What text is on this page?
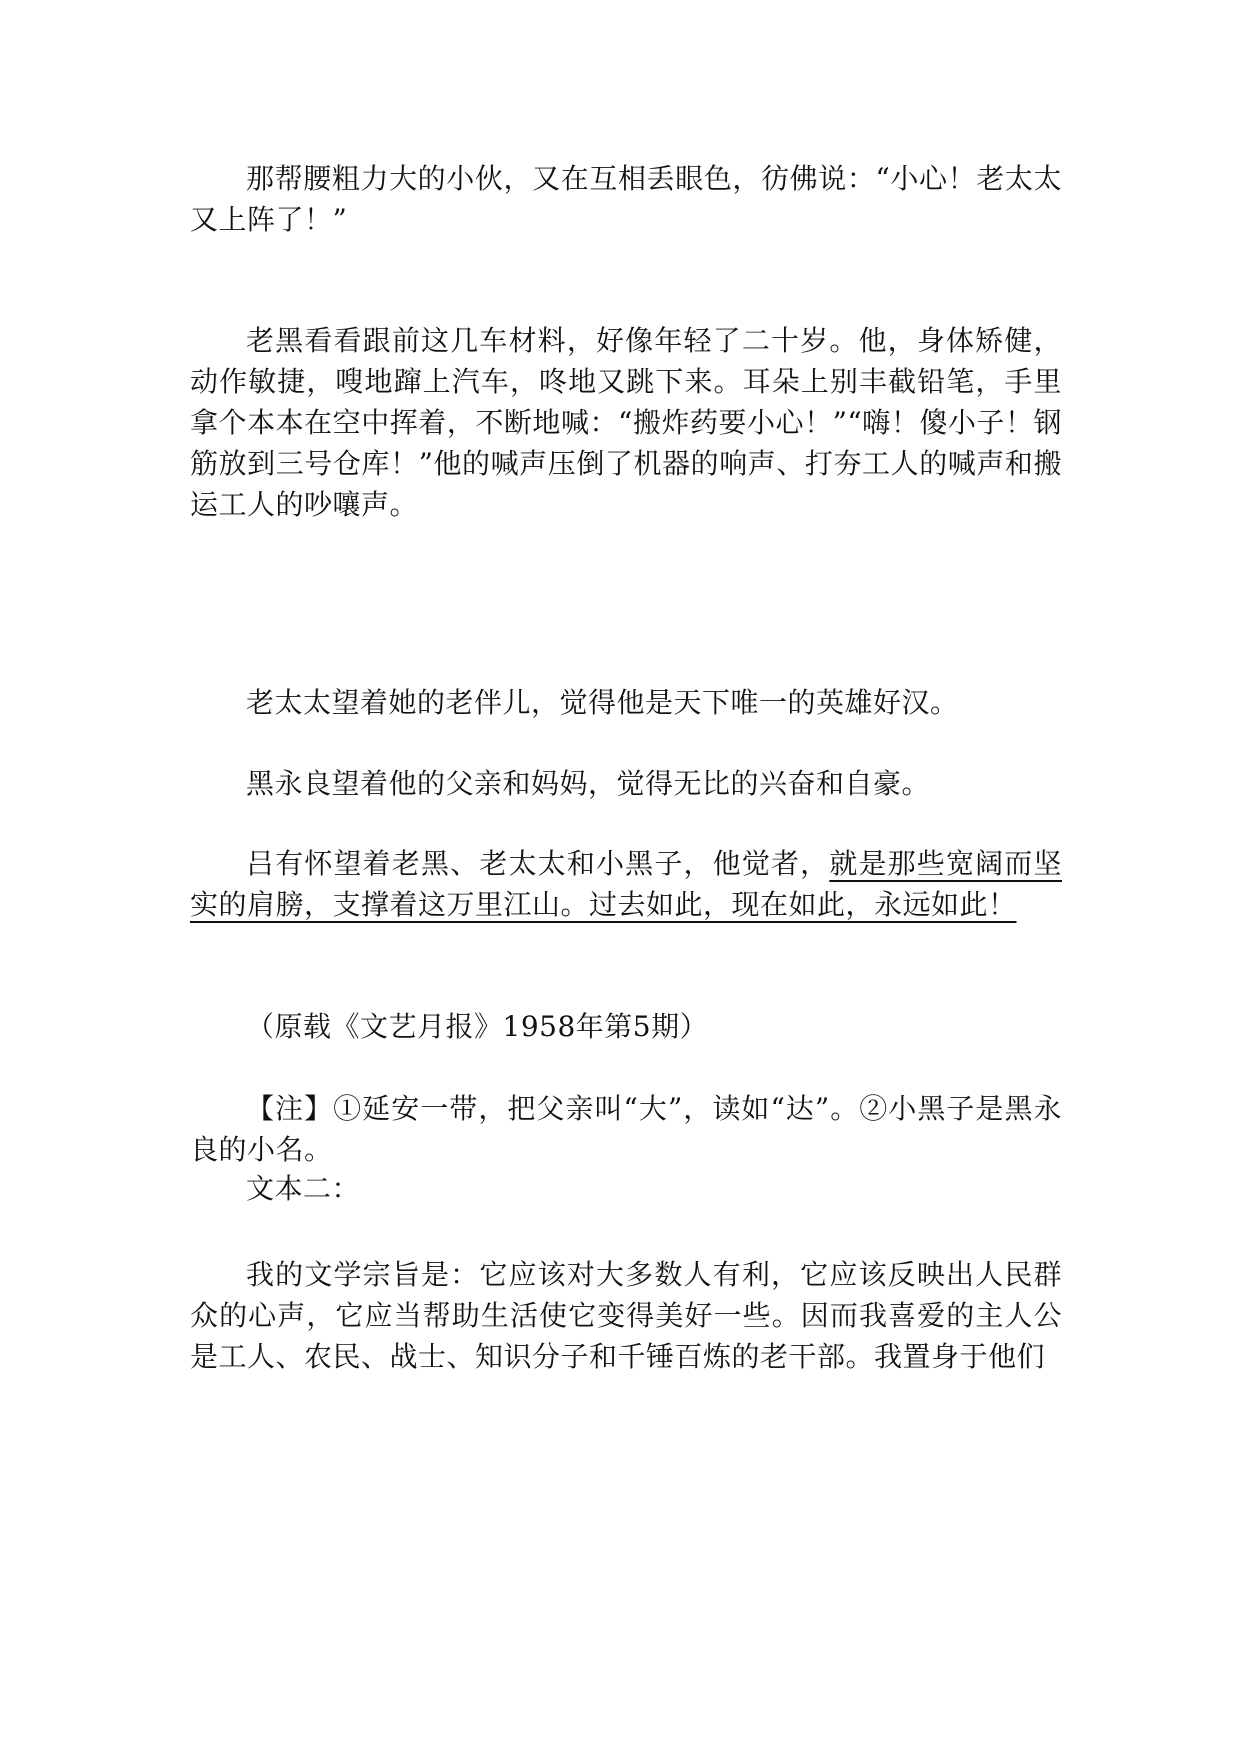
那帮腰粗力大的小伙，又在互相丢眼色，彷佛说：“小心！老太太又上阵了！”

老黑看看跟前这几车材料，好像年轻了二十岁。他，身体矫健，动作敏捷，嗖地蹿上汽车，咚地又跳下来。耳朵上别丰截铅笔，手里拿个本本在空中挥着，不断地喊：“搬炸药要小心！”“嗨！傻小子！钢筋放到三号仓库！”他的喊声压倒了机器的响声、打夯工人的喊声和搬运工人的吵嚷声。

老太太望着她的老伴儿，觉得他是天下唯一的英雄好汉。

黑永良望着他的父亲和妈妈，觉得无比的兴奋和自豪。

吕有怀望着老黑、老太太和小黑子，他觉者，就是那些宽阔而坚实的肩膀，支撑着这万里江山。过去如此，现在如此，永远如此！

（原载《文艺月报》1958年第5期）

【注】①延安一带，把父亲叫“大”，读如“达”。②小黑子是黑永良的小名。

文本二：

我的文学宗旨是：它应该对大多数人有利，它应该反映出人民群众的心声，它应当帮助生活使它变得美好一些。因而我喜爱的主人公是工人、农民、战士、知识分子和千锤百炼的老干部。我置身于他们
